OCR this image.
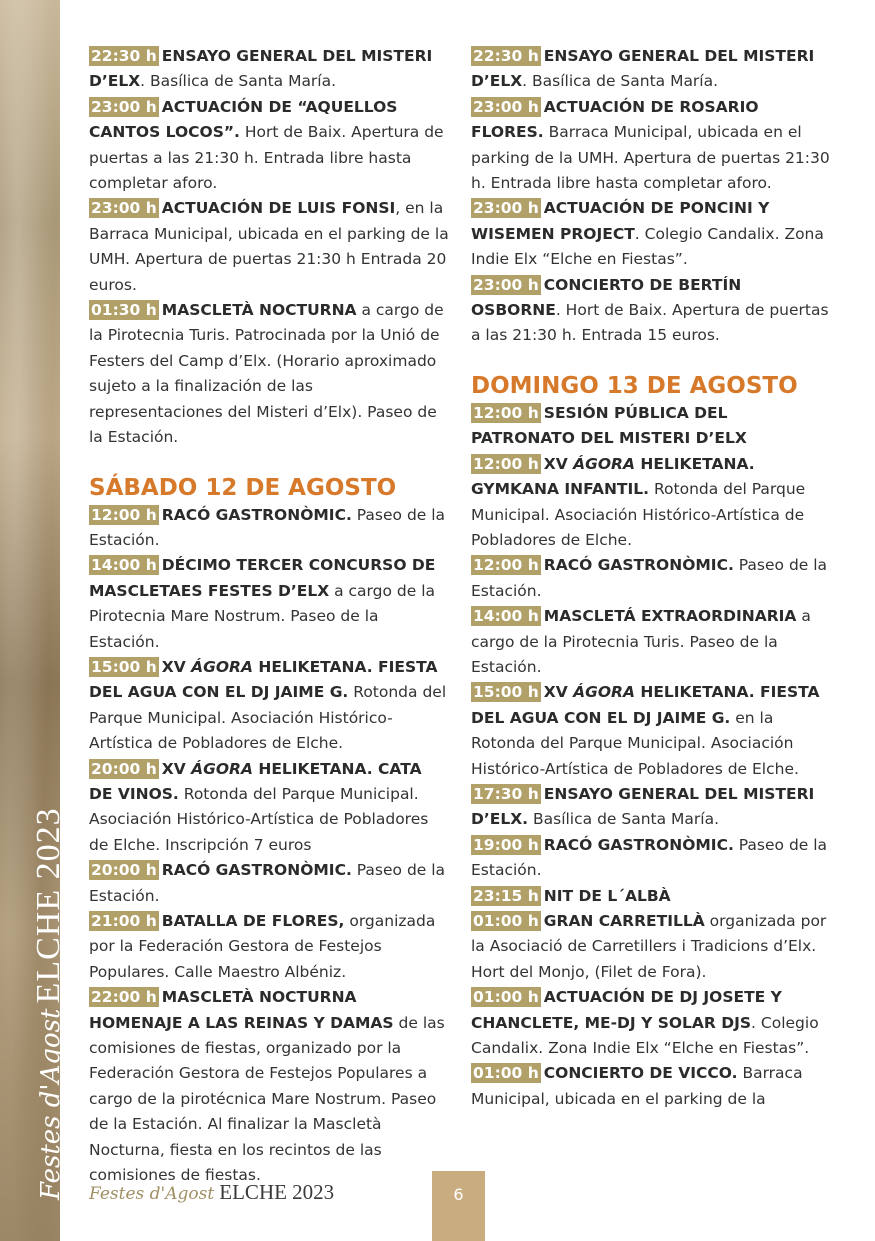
Festes d'Agost ELCHE 2023
22:30 h ENSAYO GENERAL DEL MISTERI D’ELX. Basílica de Santa María.
23:00 h ACTUACIÓN DE “AQUELLOS CANTOS LOCOS”. Hort de Baix. Apertura de puertas a las 21:30 h. Entrada libre hasta completar aforo.
23:00 h ACTUACIÓN DE LUIS FONSI, en la Barraca Municipal, ubicada en el parking de la UMH. Apertura de puertas 21:30 h Entrada 20 euros.
01:30 h MASCLETÀ NOCTURNA a cargo de la Pirotecnia Turis. Patrocinada por la Unió de Festers del Camp d’Elx. (Horario aproximado sujeto a la finalización de las representaciones del Misteri d’Elx). Paseo de la Estación.
SÁBADO 12 DE AGOSTO
12:00 h RACÓ GASTRONÒMIC. Paseo de la Estación.
14:00 h DÉCIMO TERCER CONCURSO DE MASCLETAES FESTES D’ELX a cargo de la Pirotecnia Mare Nostrum. Paseo de la Estación.
15:00 h XV ÁGORA HELIKETANA. FIESTA DEL AGUA CON EL DJ JAIME G. Rotonda del Parque Municipal. Asociación Histórico-Artística de Pobladores de Elche.
20:00 h XV ÁGORA HELIKETANA. CATA DE VINOS. Rotonda del Parque Municipal. Asociación Histórico-Artística de Pobladores de Elche. Inscripción 7 euros
20:00 h RACÓ GASTRONÒMIC. Paseo de la Estación.
21:00 h BATALLA DE FLORES, organizada por la Federación Gestora de Festejos Populares. Calle Maestro Albéniz.
22:00 h MASCLETÀ NOCTURNA HOMENAJE A LAS REINAS Y DAMAS de las comisiones de fiestas, organizado por la Federación Gestora de Festejos Populares a cargo de la pirotécnica Mare Nostrum. Paseo de la Estación. Al finalizar la Mascletà Nocturna, fiesta en los recintos de las comisiones de fiestas.
22:30 h ENSAYO GENERAL DEL MISTERI D’ELX. Basílica de Santa María.
23:00 h ACTUACIÓN DE ROSARIO FLORES. Barraca Municipal, ubicada en el parking de la UMH. Apertura de puertas 21:30 h. Entrada libre hasta completar aforo.
23:00 h ACTUACIÓN DE PONCINI Y WISEMEN PROJECT. Colegio Candalix. Zona Indie Elx “Elche en Fiestas”.
23:00 h CONCIERTO DE BERTÍN OSBORNE. Hort de Baix. Apertura de puertas a las 21:30 h. Entrada 15 euros.
DOMINGO 13 DE AGOSTO
12:00 h SESIÓN PÚBLICA DEL PATRONATO DEL MISTERI D’ELX
12:00 h XV ÁGORA HELIKETANA. GYMKANA INFANTIL. Rotonda del Parque Municipal. Asociación Histórico-Artística de Pobladores de Elche.
12:00 h RACÓ GASTRONÒMIC. Paseo de la Estación.
14:00 h MASCLETÁ EXTRAORDINARIA a cargo de la Pirotecnia Turis. Paseo de la Estación.
15:00 h XV ÁGORA HELIKETANA. FIESTA DEL AGUA CON EL DJ JAIME G. en la Rotonda del Parque Municipal. Asociación Histórico-Artística de Pobladores de Elche.
17:30 h ENSAYO GENERAL DEL MISTERI D’ELX. Basílica de Santa María.
19:00 h RACÓ GASTRONÒMIC. Paseo de la Estación.
23:15 h NIT DE L´ALBÀ
01:00 h GRAN CARRETILLÀ organizada por la Asociació de Carretillers i Tradicions d’Elx. Hort del Monjo, (Filet de Fora).
01:00 h ACTUACIÓN DE DJ JOSETE Y CHANCLETE, ME-DJ Y SOLAR DJS. Colegio Candalix. Zona Indie Elx “Elche en Fiestas”.
01:00 h CONCIERTO DE VICCO. Barraca Municipal, ubicada en el parking de la
Festes d'Agost ELCHE 2023	6
